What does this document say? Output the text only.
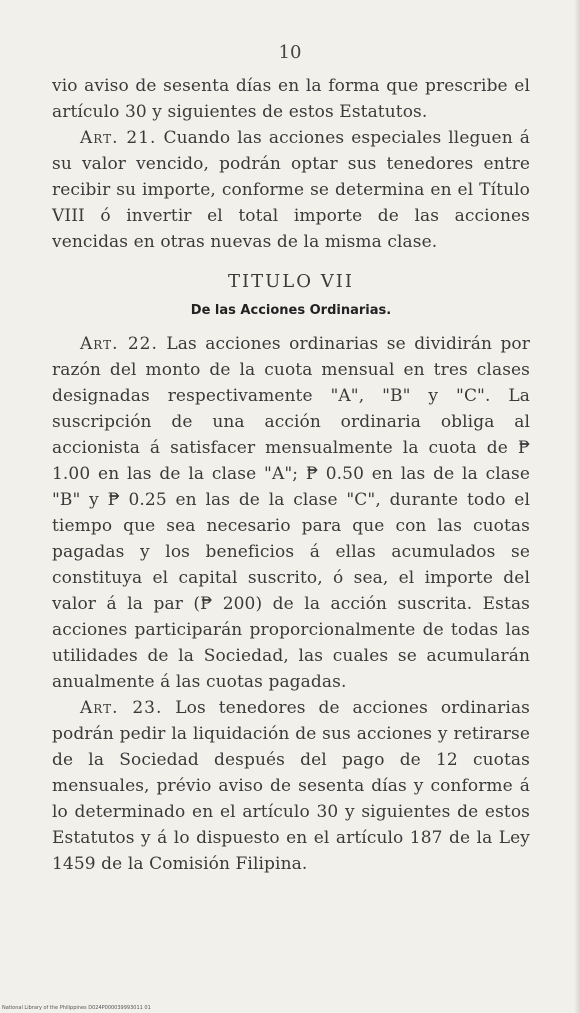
10

vio aviso de sesenta días en la forma que prescribe el artículo 30 y siguientes de estos Estatutos.

Art. 21. Cuando las acciones especiales lleguen á su valor vencido, podrán optar sus tenedores entre recibir su importe, conforme se determina en el Título VIII ó invertir el total importe de las acciones vencidas en otras nuevas de la misma clase.

TITULO VII
De las Acciones Ordinarias.

Art. 22. Las acciones ordinarias se dividirán por razón del monto de la cuota mensual en tres clases designadas respectivamente "A", "B" y "C". La suscripción de una acción ordinaria obliga al accionista á satisfacer mensualmente la cuota de ₱ 1.00 en las de la clase "A"; ₱ 0.50 en las de la clase "B" y ₱ 0.25 en las de la clase "C", durante todo el tiempo que sea necesario para que con las cuotas pagadas y los beneficios á ellas acumulados se constituya el capital suscrito, ó sea, el importe del valor á la par (₱ 200) de la acción suscrita. Estas acciones participarán proporcionalmente de todas las utilidades de la Sociedad, las cuales se acumularán anualmente á las cuotas pagadas.

Art. 23. Los tenedores de acciones ordinarias podrán pedir la liquidación de sus acciones y retirarse de la Sociedad después del pago de 12 cuotas mensuales, prévio aviso de sesenta días y conforme á lo determinado en el artículo 30 y siguientes de estos Estatutos y á lo dispuesto en el artículo 187 de la Ley 1459 de la Comisión Filipina.

National Library of the Philippines D024P000039993011 01
